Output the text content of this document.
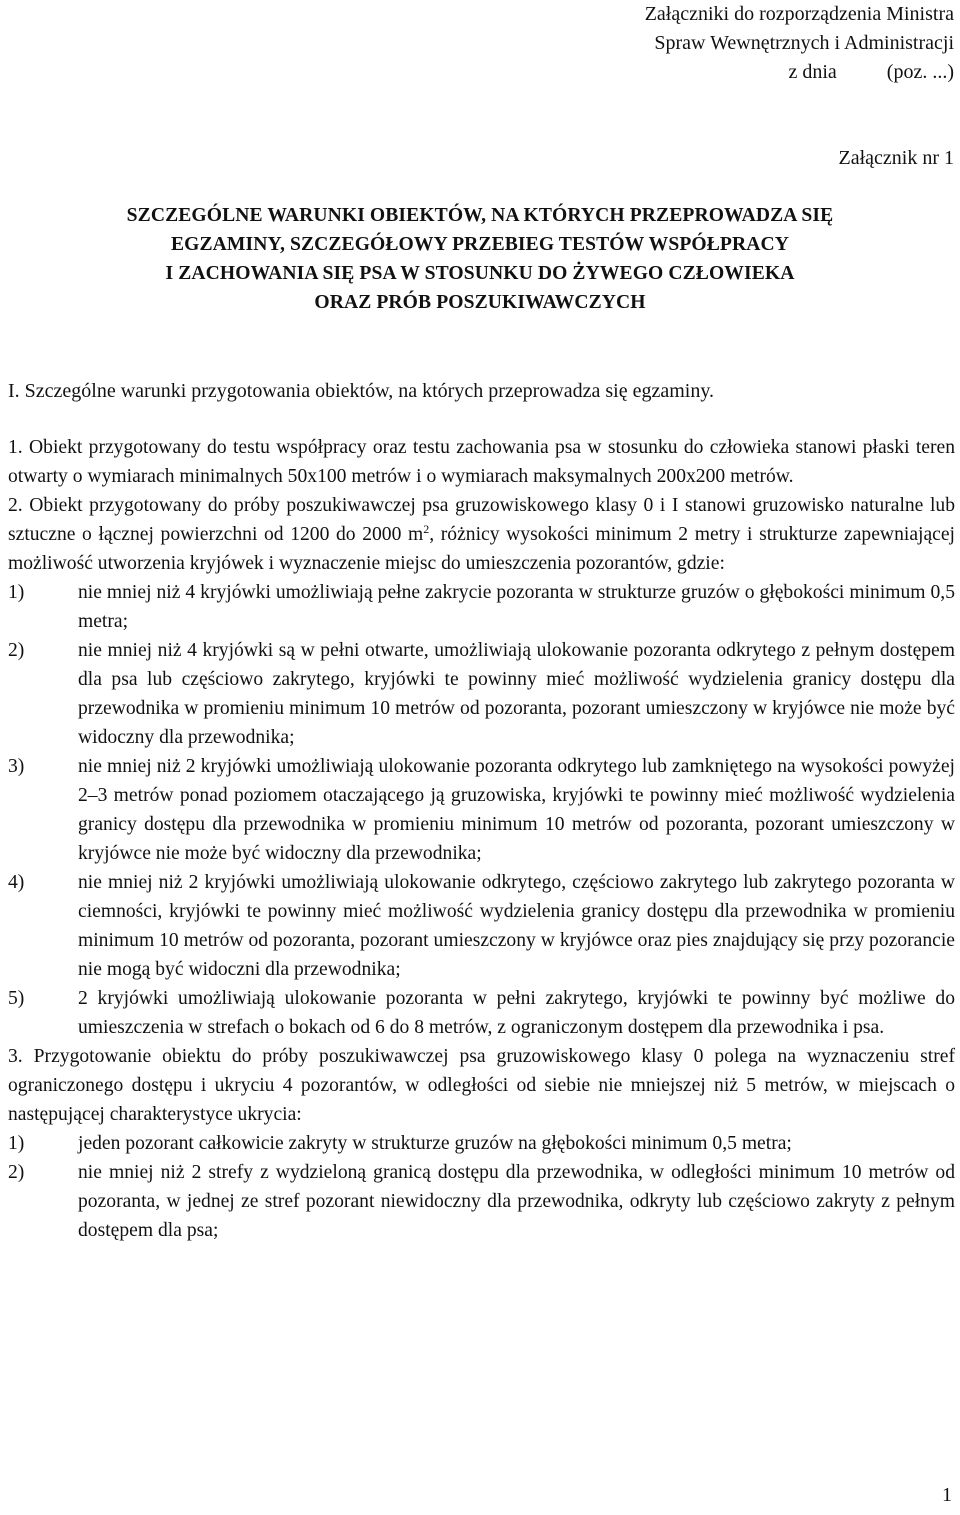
Załączniki do rozporządzenia Ministra
Spraw Wewnętrznych i Administracji
z dnia          (poz. ...)
Załącznik nr 1
SZCZEGÓLNE WARUNKI OBIEKTÓW, NA KTÓRYCH PRZEPROWADZA SIĘ
EGZAMINY, SZCZEGÓŁOWY PRZEBIEG TESTÓW WSPÓŁPRACY
I ZACHOWANIA SIĘ PSA W STOSUNKU DO ŻYWEGO CZŁOWIEKA
ORAZ PRÓB POSZUKIWAWCZYCH
I. Szczególne warunki przygotowania obiektów, na których przeprowadza się egzaminy.
1. Obiekt przygotowany do testu współpracy oraz testu zachowania psa w stosunku do człowieka stanowi płaski teren otwarty o wymiarach minimalnych 50x100 metrów i o wymiarach maksymalnych 200x200 metrów.
2. Obiekt przygotowany do próby poszukiwawczej psa gruzowiskowego klasy 0 i I stanowi gruzowisko naturalne lub sztuczne o łącznej powierzchni od 1200 do 2000 $m^2$, różnicy wysokości minimum 2 metry i strukturze zapewniającej możliwość utworzenia kryjówek i wyznaczenie miejsc do umieszczenia pozorantów, gdzie:
1)	nie mniej niż 4 kryjówki umożliwiają pełne zakrycie pozoranta w strukturze gruzów o głębokości minimum 0,5 metra;
2)	nie mniej niż 4 kryjówki są w pełni otwarte, umożliwiają ulokowanie pozoranta odkrytego z pełnym dostępem dla psa lub częściowo zakrytego, kryjówki te powinny mieć możliwość wydzielenia granicy dostępu dla przewodnika w promieniu minimum 10 metrów od pozoranta, pozorant umieszczony w kryjówce nie może być widoczny dla przewodnika;
3)	nie mniej niż 2 kryjówki umożliwiają ulokowanie pozoranta odkrytego lub zamkniętego na wysokości powyżej 2–3 metrów ponad poziomem otaczającego ją gruzowiska, kryjówki te powinny mieć możliwość wydzielenia granicy dostępu dla przewodnika w promieniu minimum 10 metrów od pozoranta, pozorant umieszczony w kryjówce nie może być widoczny dla przewodnika;
4)	nie mniej niż 2 kryjówki umożliwiają ulokowanie odkrytego, częściowo zakrytego lub zakrytego pozoranta w ciemności, kryjówki te powinny mieć możliwość wydzielenia granicy dostępu dla przewodnika w promieniu minimum 10 metrów od pozoranta, pozorant umieszczony w kryjówce oraz pies znajdujący się przy pozorancie nie mogą być widoczni dla przewodnika;
5)	2 kryjówki umożliwiają ulokowanie pozoranta w pełni zakrytego, kryjówki te powinny być możliwe do umieszczenia w strefach o bokach od 6 do 8 metrów, z ograniczonym dostępem dla przewodnika i psa.
3. Przygotowanie obiektu do próby poszukiwawczej psa gruzowiskowego klasy 0 polega na wyznaczeniu stref ograniczonego dostępu i ukryciu 4 pozorantów, w odległości od siebie nie mniejszej niż 5 metrów, w miejscach o następującej charakterystyce ukrycia:
1)	jeden pozorant całkowicie zakryty w strukturze gruzów na głębokości minimum 0,5 metra;
2)	nie mniej niż 2 strefy z wydzieloną granicą dostępu dla przewodnika, w odległości minimum 10 metrów od pozoranta, w jednej ze stref pozorant niewidoczny dla przewodnika, odkryty lub częściowo zakryty z pełnym dostępem dla psa;
1
